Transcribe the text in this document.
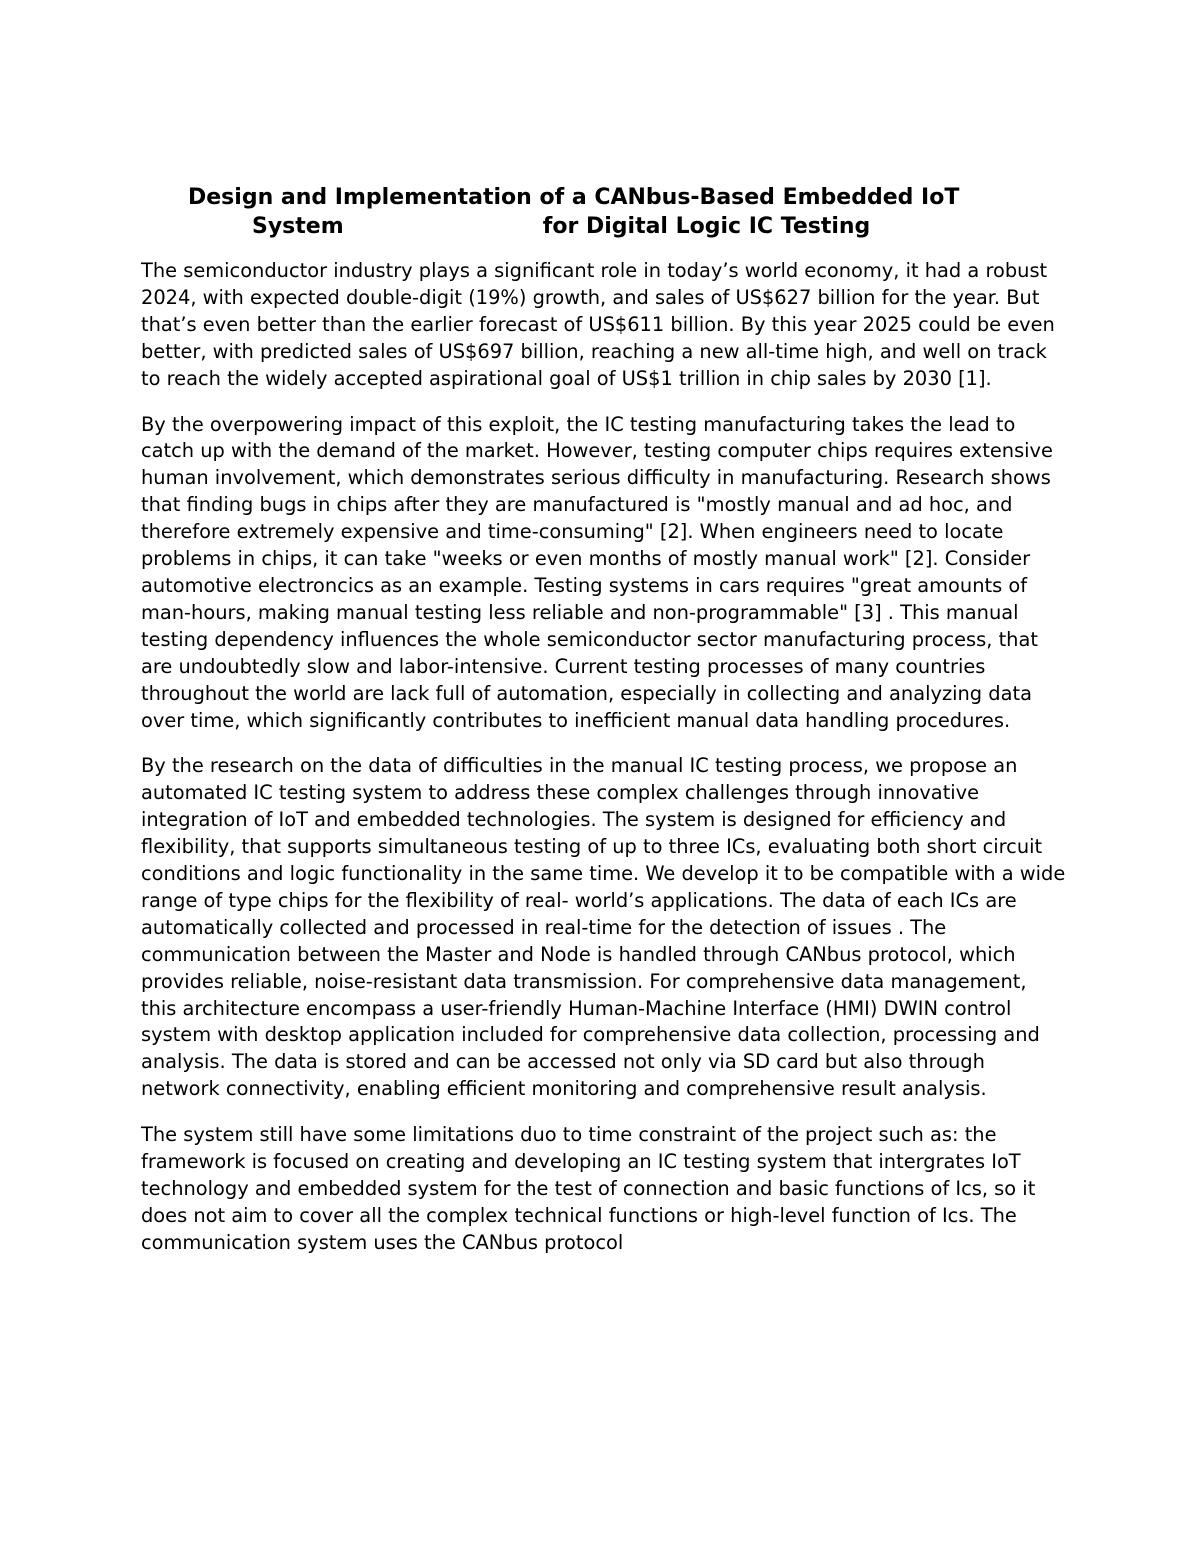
Design and Implementation of a CANbus-Based Embedded IoT
System                          for Digital Logic IC Testing

The semiconductor industry plays a significant role in today’s world economy, it had a robust 2024, with expected double-digit (19%) growth, and sales of US$627 billion for the year. But that’s even better than the earlier forecast of US$611 billion. By this year 2025 could be even better, with predicted sales of US$697 billion, reaching a new all-time high, and well on track to reach the widely accepted aspirational goal of US$1 trillion in chip sales by 2030 [1].

By the overpowering impact of this exploit, the IC testing manufacturing takes the lead to catch up with the demand of the market. However, testing computer chips requires extensive human involvement, which demonstrates serious difficulty in manufacturing. Research shows that finding bugs in chips after they are manufactured is "mostly manual and ad hoc, and therefore extremely expensive and time-consuming" [2]. When engineers need to locate problems in chips, it can take "weeks or even months of mostly manual work" [2]. Consider automotive electroncics as an example. Testing systems in cars requires "great amounts of man-hours, making manual testing less reliable and non-programmable" [3] . This manual testing dependency influences the whole semiconductor sector manufacturing process, that are undoubtedly slow and labor-intensive. Current testing processes of many countries throughout the world are lack full of automation, especially in collecting and analyzing data over time, which significantly contributes to inefficient manual data handling procedures.

By the research on the data of difficulties in the manual IC testing process, we propose an automated IC testing system to address these complex challenges through innovative integration of IoT and embedded technologies. The system is designed for efficiency and flexibility, that supports simultaneous testing of up to three ICs, evaluating both short circuit conditions and logic functionality in the same time. We develop it to be compatible with a wide range of type chips for the flexibility of real- world’s applications. The data of each ICs are automatically collected and processed in real-time for the detection of issues . The communication between the Master and Node is handled through CANbus protocol, which provides reliable, noise-resistant data transmission. For comprehensive data management, this architecture encompass a user-friendly Human-Machine Interface (HMI) DWIN control system with desktop application included for comprehensive data collection, processing and analysis. The data is stored and can be accessed not only via SD card but also through network connectivity, enabling efficient monitoring and comprehensive result analysis.

The system still have some limitations duo to time constraint of the project such as: the framework is focused on creating and developing an IC testing system that intergrates IoT technology and embedded system for the test of connection and basic functions of Ics, so it does not aim to cover all the complex technical functions or high-level function of Ics. The communication system uses the CANbus protocol
